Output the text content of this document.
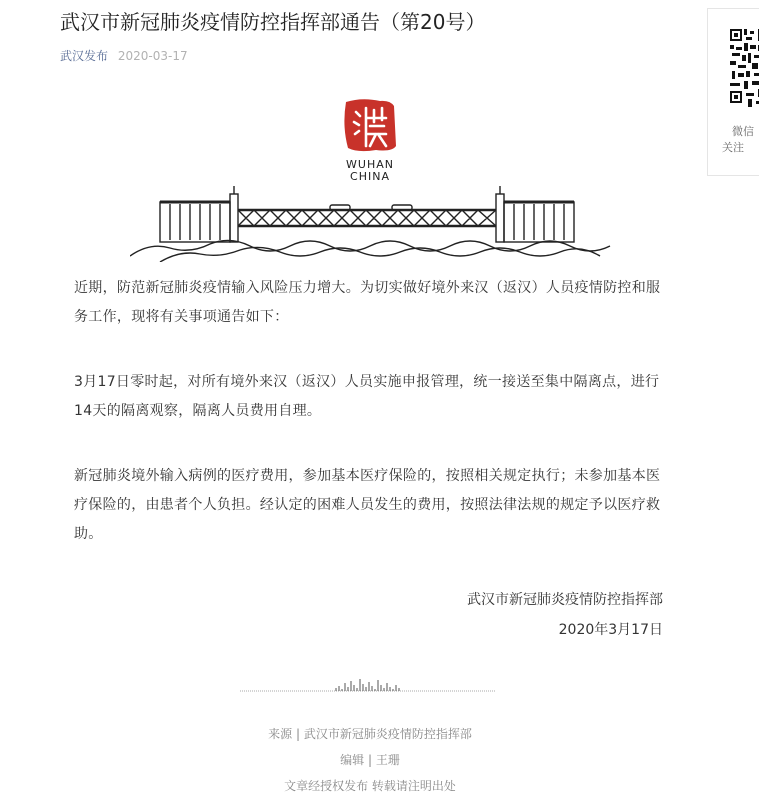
武汉市新冠肺炎疫情防控指挥部通告（第20号）
武汉发布 2020-03-17
WUHAN
CHINA

近期，防范新冠肺炎疫情输入风险压力增大。为切实做好境外来汉（返汉）人员疫情防控和服务工作，现将有关事项通告如下：

3月17日零时起，对所有境外来汉（返汉）人员实施申报管理，统一接送至集中隔离点，进行14天的隔离观察，隔离人员费用自理。

新冠肺炎境外输入病例的医疗费用，参加基本医疗保险的，按照相关规定执行；未参加基本医疗保险的，由患者个人负担。经认定的困难人员发生的费用，按照法律法规的规定予以医疗救助。

武汉市新冠肺炎疫情防控指挥部
2020年3月17日
来源 | 武汉市新冠肺炎疫情防控指挥部
编辑 | 王珊
文章经授权发布 转载请注明出处
微信
关注
